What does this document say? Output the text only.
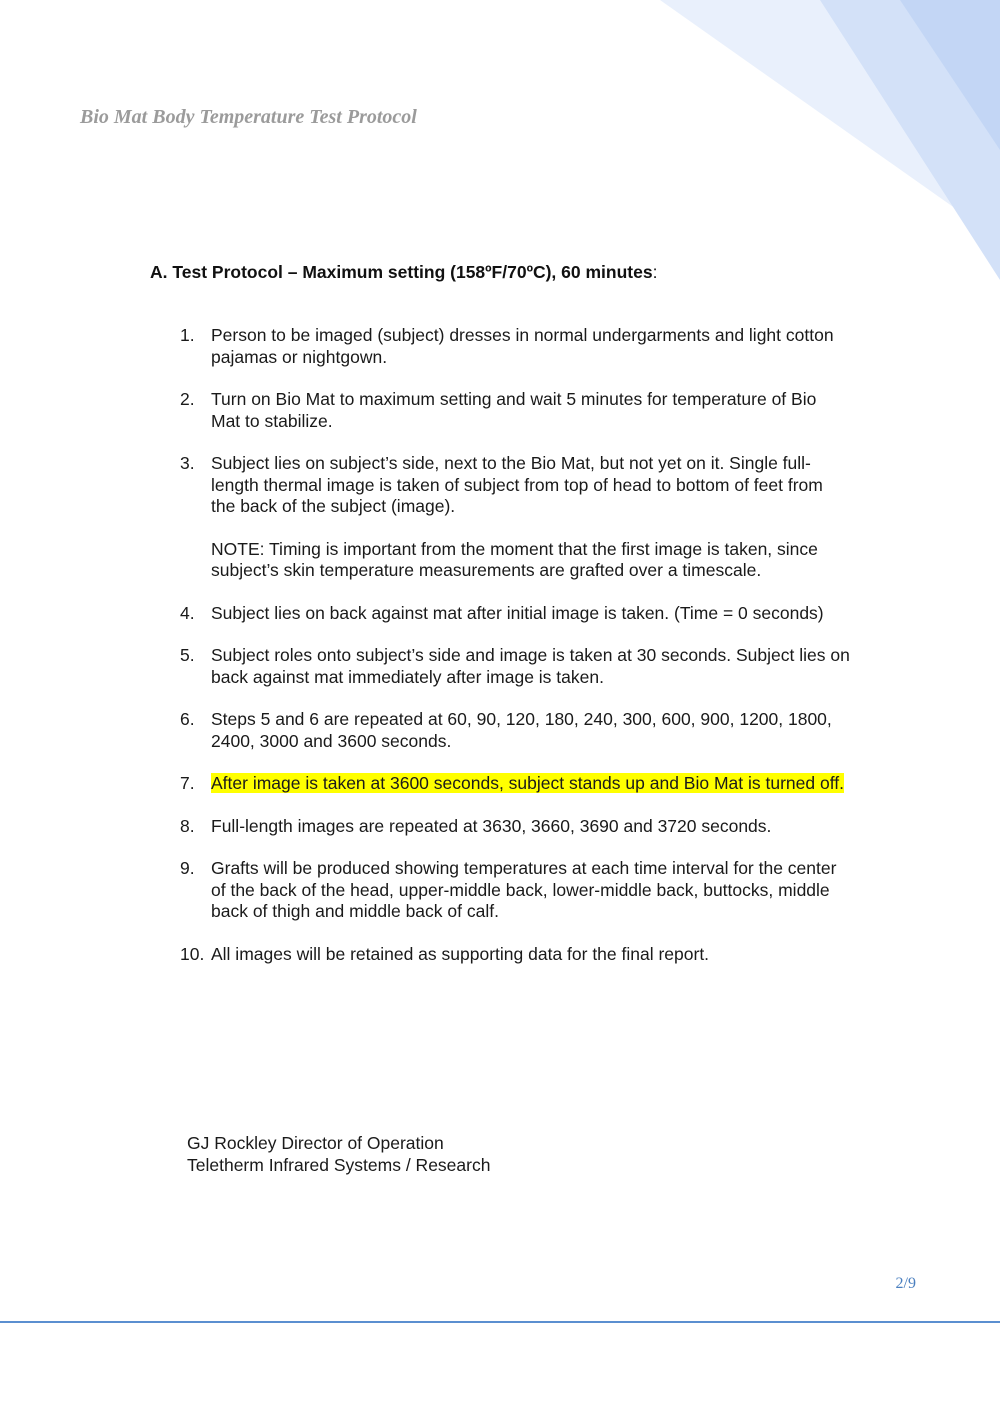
Bio Mat Body Temperature Test Protocol
A. Test Protocol – Maximum setting (158ºF/70ºC), 60 minutes:
1. Person to be imaged (subject) dresses in normal undergarments and light cotton pajamas or nightgown.
2. Turn on Bio Mat to maximum setting and wait 5 minutes for temperature of Bio Mat to stabilize.
3. Subject lies on subject’s side, next to the Bio Mat, but not yet on it. Single full-length thermal image is taken of subject from top of head to bottom of feet from the back of the subject (image).
NOTE: Timing is important from the moment that the first image is taken, since subject’s skin temperature measurements are grafted over a timescale.
4. Subject lies on back against mat after initial image is taken. (Time = 0 seconds)
5. Subject roles onto subject’s side and image is taken at 30 seconds. Subject lies on back against mat immediately after image is taken.
6. Steps 5 and 6 are repeated at 60, 90, 120, 180, 240, 300, 600, 900, 1200, 1800, 2400, 3000 and 3600 seconds.
7. After image is taken at 3600 seconds, subject stands up and Bio Mat is turned off.
8. Full-length images are repeated at 3630, 3660, 3690 and 3720 seconds.
9. Grafts will be produced showing temperatures at each time interval for the center of the back of the head, upper-middle back, lower-middle back, buttocks, middle back of thigh and middle back of calf.
10. All images will be retained as supporting data for the final report.
GJ Rockley Director of Operation
Teletherm Infrared Systems / Research
2/9
